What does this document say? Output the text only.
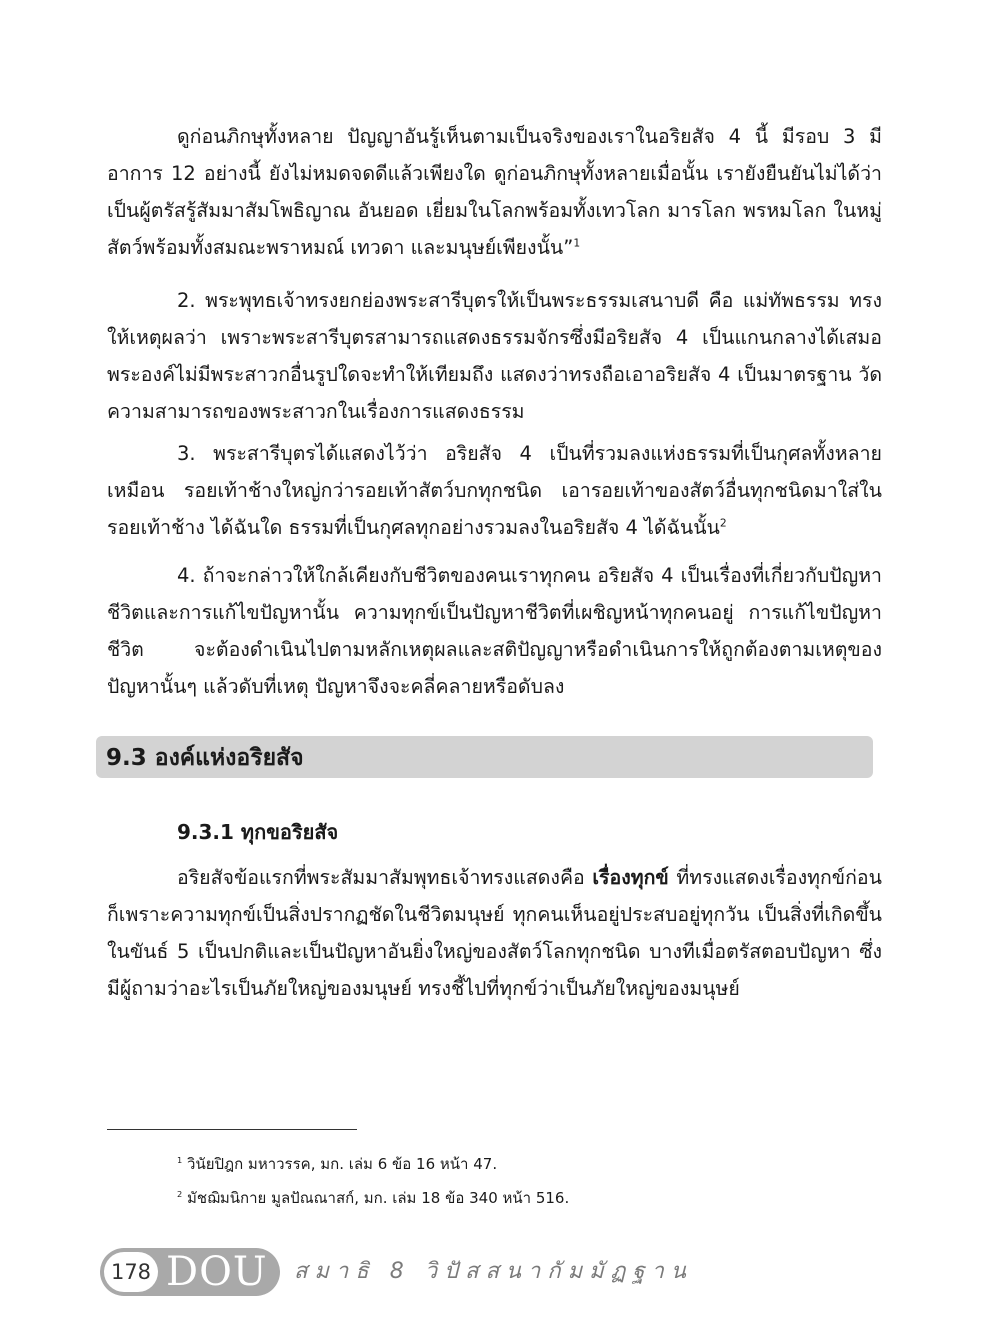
ดูก่อนภิกษุทั้งหลาย ปัญญาอันรู้เห็นตามเป็นจริงของเราในอริยสัจ 4 นี้ มีรอบ 3 มีอาการ 12 อย่างนี้ ยังไม่หมดจดดีแล้วเพียงใด ดูก่อนภิกษุทั้งหลายเมื่อนั้น เรายังยืนยันไม่ได้ว่าเป็นผู้ตรัสรู้สัมมาสัมโพธิญาณ อันยอด เยี่ยมในโลกพร้อมทั้งเทวโลก มารโลก พรหมโลก ในหมู่สัตว์พร้อมทั้งสมณะพราหมณ์ เทวดา และมนุษย์เพียงนั้น”$^1$

2. พระพุทธเจ้าทรงยกย่องพระสารีบุตรให้เป็นพระธรรมเสนาบดี คือ แม่ทัพธรรม ทรงให้เหตุผลว่า เพราะพระสารีบุตรสามารถแสดงธรรมจักรซึ่งมีอริยสัจ 4 เป็นแกนกลางได้เสมอ พระองค์ไม่มีพระสาวกอื่นรูปใดจะทำให้เทียมถึง แสดงว่าทรงถือเอาอริยสัจ 4 เป็นมาตรฐาน วัดความสามารถของพระสาวกในเรื่องการแสดงธรรม

3. พระสารีบุตรได้แสดงไว้ว่า อริยสัจ 4 เป็นที่รวมลงแห่งธรรมที่เป็นกุศลทั้งหลายเหมือน รอยเท้าช้างใหญ่กว่ารอยเท้าสัตว์บกทุกชนิด เอารอยเท้าของสัตว์อื่นทุกชนิดมาใส่ในรอยเท้าช้าง ได้ฉันใด ธรรมที่เป็นกุศลทุกอย่างรวมลงในอริยสัจ 4 ได้ฉันนั้น$^2$

4. ถ้าจะกล่าวให้ใกล้เคียงกับชีวิตของคนเราทุกคน อริยสัจ 4 เป็นเรื่องที่เกี่ยวกับปัญหา ชีวิตและการแก้ไขปัญหานั้น ความทุกข์เป็นปัญหาชีวิตที่เผชิญหน้าทุกคนอยู่ การแก้ไขปัญหาชีวิต จะต้องดำเนินไปตามหลักเหตุผลและสติปัญญาหรือดำเนินการให้ถูกต้องตามเหตุของปัญหานั้นๆ แล้วดับที่เหตุ ปัญหาจึงจะคลี่คลายหรือดับลง

9.3 องค์แห่งอริยสัจ
9.3.1 ทุกขอริยสัจ

อริยสัจข้อแรกที่พระสัมมาสัมพุทธเจ้าทรงแสดงคือ เรื่องทุกข์ ที่ทรงแสดงเรื่องทุกข์ก่อน ก็เพราะความทุกข์เป็นสิ่งปรากฏชัดในชีวิตมนุษย์ ทุกคนเห็นอยู่ประสบอยู่ทุกวัน เป็นสิ่งที่เกิดขึ้น ในขันธ์ 5 เป็นปกติและเป็นปัญหาอันยิ่งใหญ่ของสัตว์โลกทุกชนิด บางทีเมื่อตรัสตอบปัญหา ซึ่งมีผู้ถามว่าอะไรเป็นภัยใหญ่ของมนุษย์ ทรงชี้ไปที่ทุกข์ว่าเป็นภัยใหญ่ของมนุษย์

$^1$ วินัยปิฎก มหาวรรค, มก. เล่ม 6 ข้อ 16 หน้า 47.
$^2$ มัชฌิมนิกาย มูลปัณณาสก์, มก. เล่ม 18 ข้อ 340 หน้า 516.
178 DOU สมาธิ 8 วิปัสสนากัมมัฏฐาน
